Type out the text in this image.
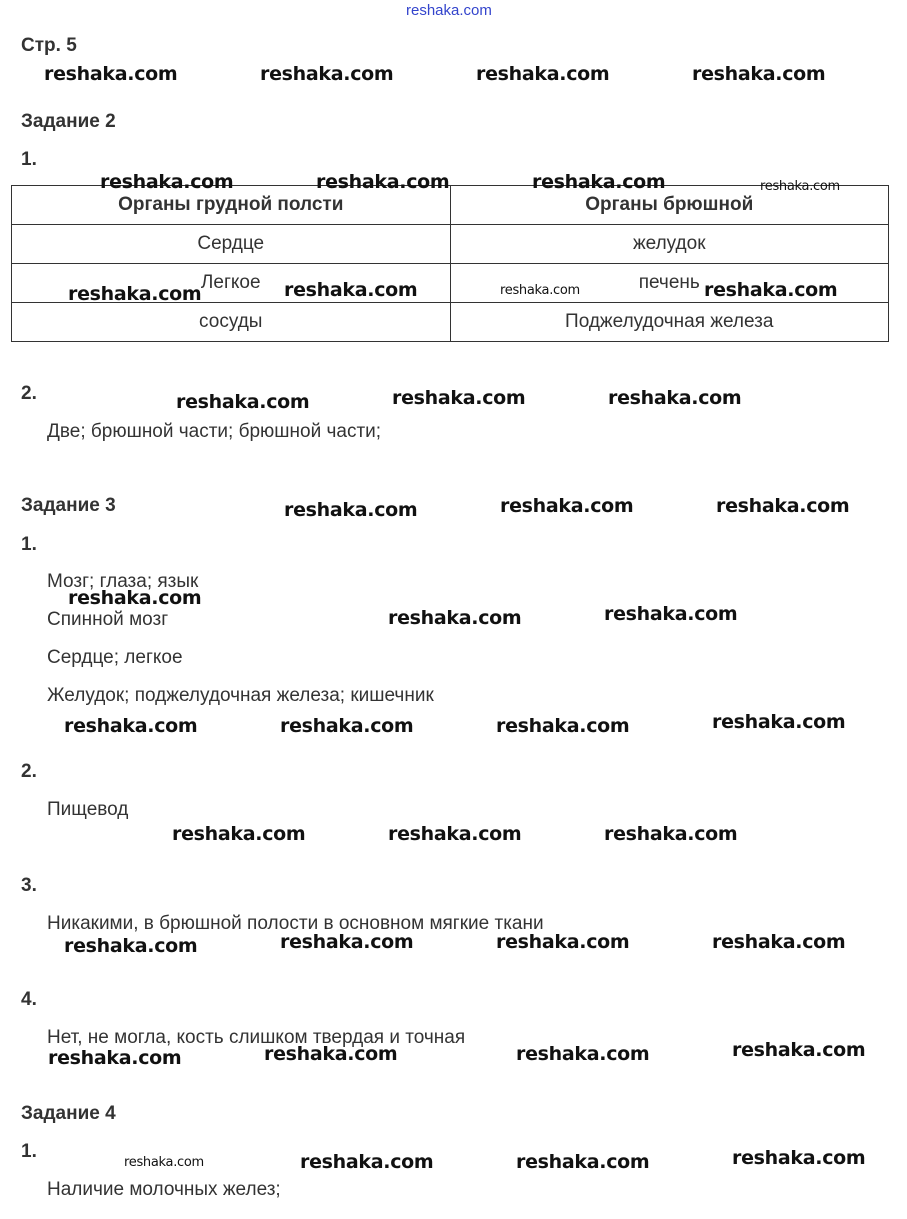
reshaka.com
Стр. 5
Задание 2
1.
Органы грудной полсти	Органы брюшной
Сердце	желудок
Легкое	печень
сосуды	Поджелудочная железа
2.
Две; брюшной части; брюшной части;
Задание 3
1.
Мозг; глаза; язык
Спинной мозг
Сердце; легкое
Желудок; поджелудочная железа; кишечник
2.
Пищевод
3.
Никакими, в брюшной полости в основном мягкие ткани
4.
Нет, не могла, кость слишком твердая и точная
Задание 4
1.
Наличие молочных желез;
reshaka.com	reshaka.com	reshaka.com	reshaka.com
reshaka.com	reshaka.com	reshaka.com	reshaka.com
reshaka.com	reshaka.com	reshaka.com	reshaka.com
reshaka.com	reshaka.com	reshaka.com
reshaka.com	reshaka.com	reshaka.com
reshaka.com
reshaka.com	reshaka.com
reshaka.com	reshaka.com	reshaka.com	reshaka.com
reshaka.com	reshaka.com	reshaka.com
reshaka.com	reshaka.com	reshaka.com	reshaka.com
reshaka.com	reshaka.com	reshaka.com	reshaka.com
reshaka.com	reshaka.com	reshaka.com	reshaka.com
